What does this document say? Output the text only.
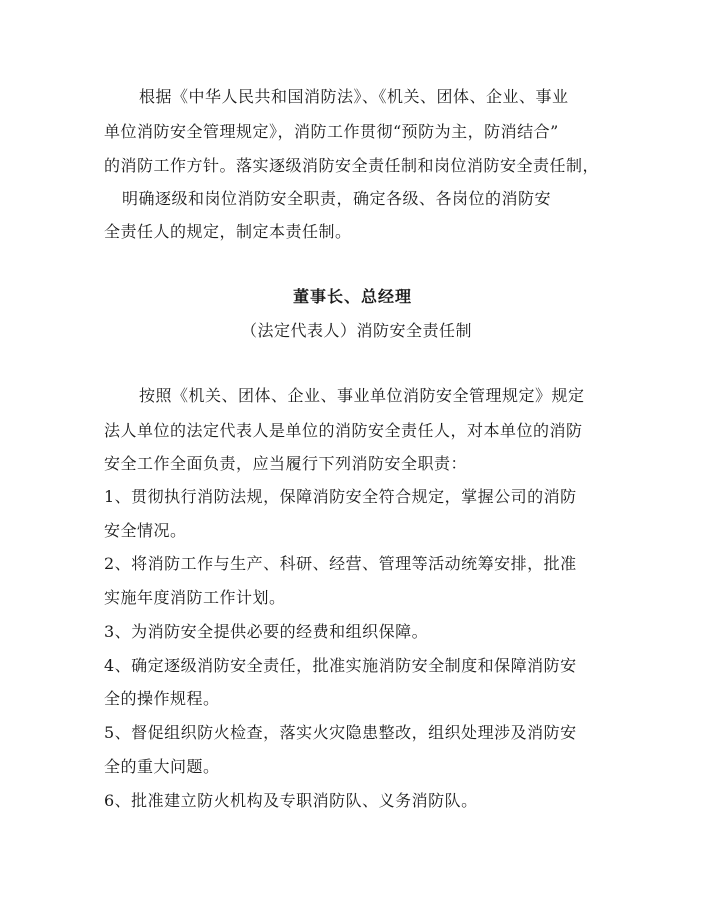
根据《中华人民共和国消防法》、《机关、团体、企业、事业
单位消防安全管理规定》，消防工作贯彻“预防为主，防消结合”
的消防工作方针。落实逐级消防安全责任制和岗位消防安全责任制，
明确逐级和岗位消防安全职责，确定各级、各岗位的消防安
全责任人的规定，制定本责任制。
董事长、总经理
（法定代表人）消防安全责任制
按照《机关、团体、企业、事业单位消防安全管理规定》规定
法人单位的法定代表人是单位的消防安全责任人，对本单位的消防
安全工作全面负责，应当履行下列消防安全职责：
1、贯彻执行消防法规，保障消防安全符合规定，掌握公司的消防
安全情况。
2、将消防工作与生产、科研、经营、管理等活动统筹安排，批准
实施年度消防工作计划。
3、为消防安全提供必要的经费和组织保障。
4、确定逐级消防安全责任，批准实施消防安全制度和保障消防安
全的操作规程。
5、督促组织防火检查，落实火灾隐患整改，组织处理涉及消防安
全的重大问题。
6、批准建立防火机构及专职消防队、义务消防队。
